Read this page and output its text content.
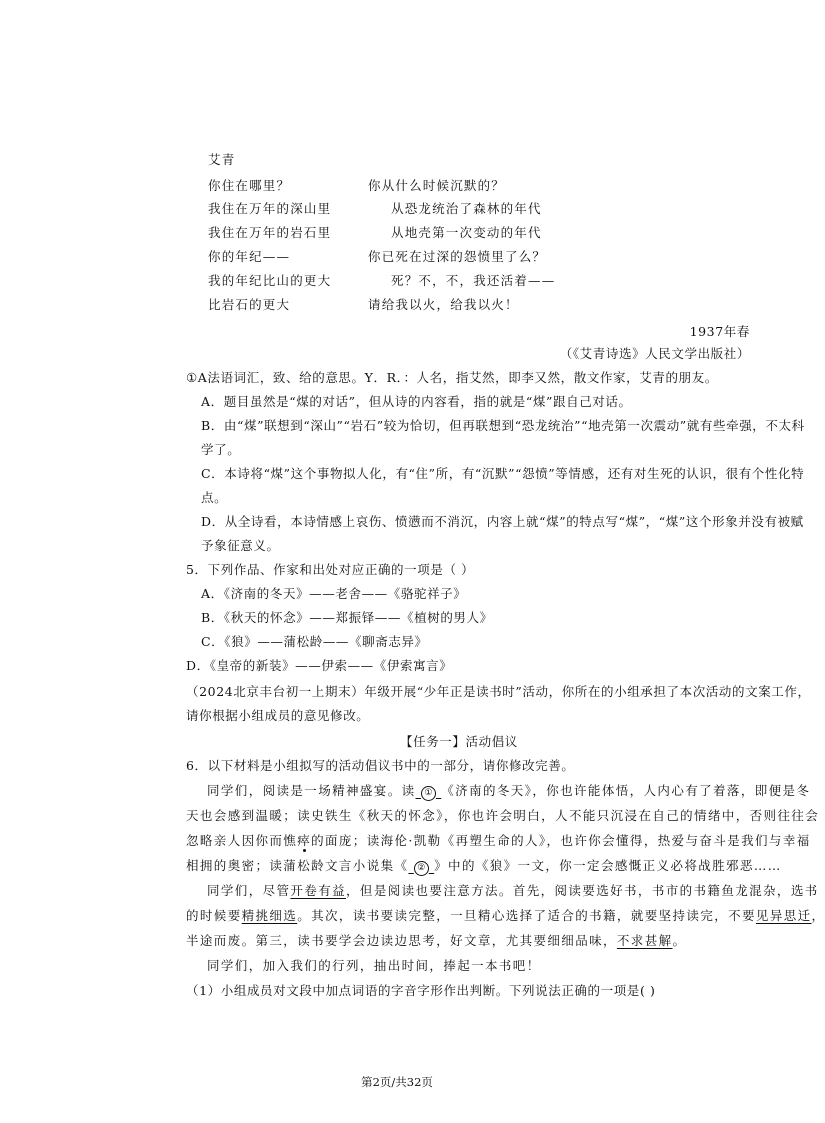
艾青
你住在哪里？	你从什么时候沉默的？
我住在万年的深山里	从恐龙统治了森林的年代
我住在万年的岩石里	从地壳第一次变动的年代
你的年纪——	你已死在过深的怨愤里了么？
我的年纪比山的更大	死？不，不，我还活着——
比岩石的更大	请给我以火，给我以火！
1937年春
（《艾青诗选》人民文学出版社）
①A法语词汇，致、给的意思。Y．R．：人名，指艾然，即李又然，散文作家，艾青的朋友。
A．题目虽然是“煤的对话”，但从诗的内容看，指的就是“煤”跟自己对话。
B．由“煤”联想到“深山”“岩石”较为恰切，但再联想到“恐龙统治”“地壳第一次震动”就有些牵强，不太科
学了。
C．本诗将“煤”这个事物拟人化，有“住”所，有“沉默”“怨愤”等情感，还有对生死的认识，很有个性化特
点。
D．从全诗看，本诗情感上哀伤、愤懑而不消沉，内容上就“煤”的特点写“煤”，“煤”这个形象并没有被赋
予象征意义。
5．下列作品、作家和出处对应正确的一项是（ ）
A．《济南的冬天》——老舍——《骆驼祥子》
B．《秋天的怀念》——郑振铎——《植树的男人》
C．《狼》——蒲松龄——《聊斋志异》
D．《皇帝的新装》——伊索——《伊索寓言》
（2024北京丰台初一上期末）年级开展“少年正是读书时”活动，你所在的小组承担了本次活动的文案工作，
请你根据小组成员的意见修改。
【任务一】活动倡议
6．以下材料是小组拟写的活动倡议书中的一部分，请你修改完善。
同学们，阅读是一场精神盛宴。读 ① 《济南的冬天》，你也许能体悟，人内心有了着落，即便是冬
天也会感到温暖；读史铁生《秋天的怀念》，你也许会明白，人不能只沉浸在自己的情绪中，否则往往会
忽略亲人因你而憔瘁的面庞；读海伦·凯勒《再塑生命的人》，也许你会懂得，热爱与奋斗是我们与幸福
相拥的奥密；读蒲松龄文言小说集《 ② 》中的《狼》一文，你一定会感慨正义必将战胜邪恶……
同学们，尽管开卷有益，但是阅读也要注意方法。首先，阅读要选好书，书市的书籍鱼龙混杂，选书
的时候要精挑细选。其次，读书要读完整，一旦精心选择了适合的书籍，就要坚持读完，不要见异思迁，
半途而废。第三，读书要学会边读边思考，好文章，尤其要细细品味，不求甚解。
同学们，加入我们的行列，抽出时间，捧起一本书吧！
（1）小组成员对文段中加点词语的字音字形作出判断。下列说法正确的一项是( )
第2页/共32页
